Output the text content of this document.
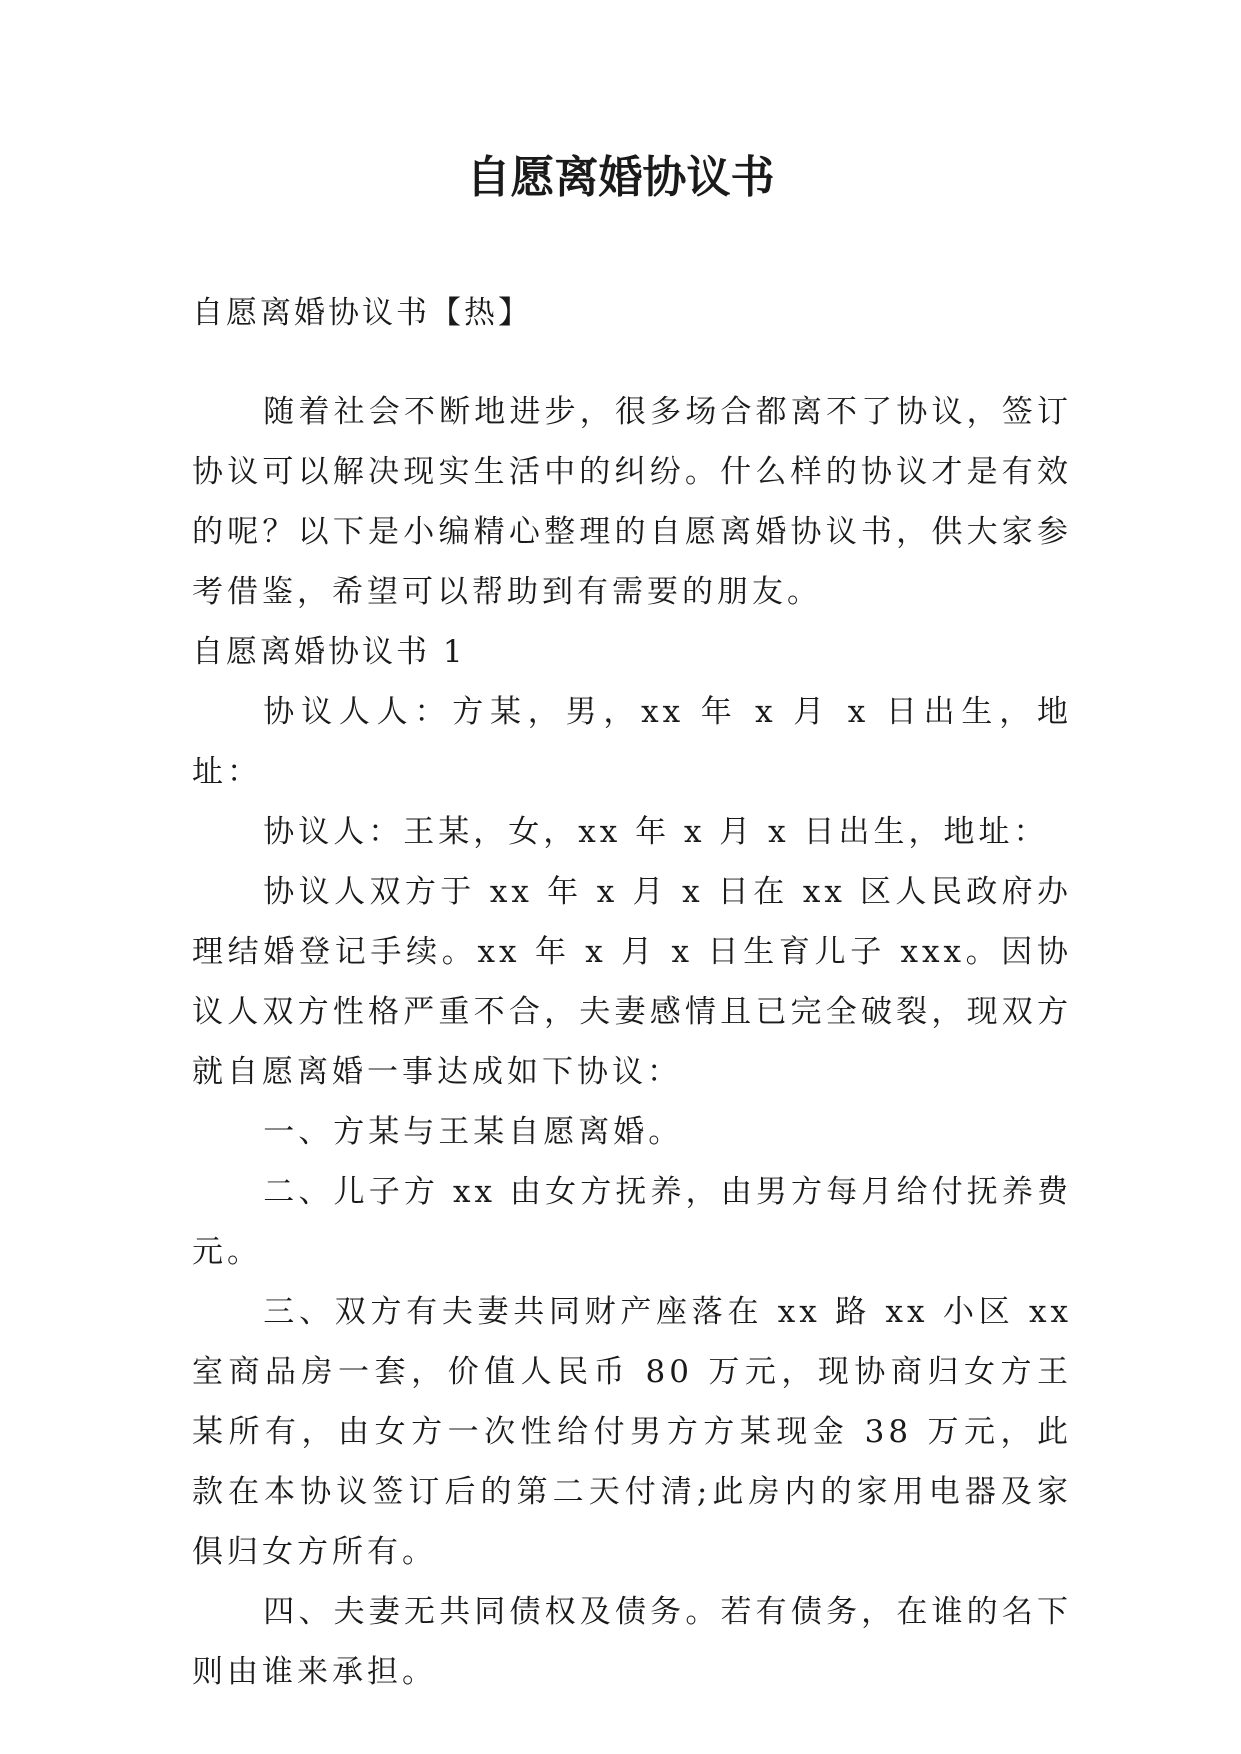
自愿离婚协议书

自愿离婚协议书【热】

随着社会不断地进步，很多场合都离不了协议，签订协议可以解决现实生活中的纠纷。什么样的协议才是有效的呢？以下是小编精心整理的自愿离婚协议书，供大家参考借鉴，希望可以帮助到有需要的朋友。

自愿离婚协议书 1

协议人人：方某，男，xx 年 x 月 x 日出生，地址：

协议人：王某，女，xx 年 x 月 x 日出生，地址：

协议人双方于 xx 年 x 月 x 日在 xx 区人民政府办理结婚登记手续。xx 年 x 月 x 日生育儿子 xxx。因协议人双方性格严重不合，夫妻感情且已完全破裂，现双方就自愿离婚一事达成如下协议：

一、方某与王某自愿离婚。

二、儿子方 xx 由女方抚养，由男方每月给付抚养费元。

三、双方有夫妻共同财产座落在 xx 路 xx 小区 xx 室商品房一套，价值人民币 80 万元，现协商归女方王某所有，由女方一次性给付男方方某现金 38 万元，此款在本协议签订后的第二天付清;此房内的家用电器及家俱归女方所有。

四、夫妻无共同债权及债务。若有债务，在谁的名下则由谁来承担。
